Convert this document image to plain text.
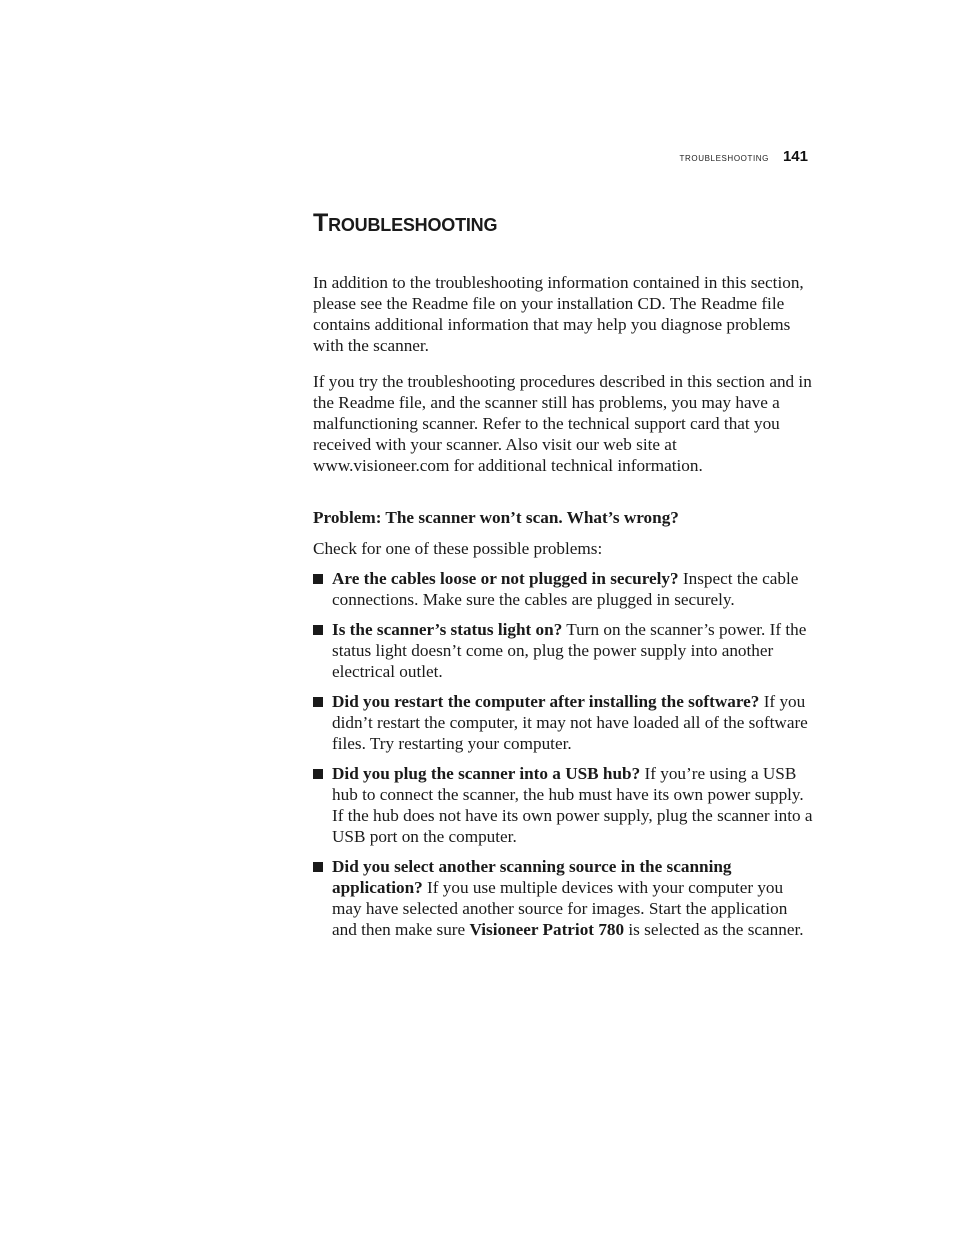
troubleshooting 141
Troubleshooting

In addition to the troubleshooting information contained in this section, please see the Readme file on your installation CD. The Readme file contains additional information that may help you diagnose problems with the scanner.

If you try the troubleshooting procedures described in this section and in the Readme file, and the scanner still has problems, you may have a malfunctioning scanner. Refer to the technical support card that you received with your scanner. Also visit our web site at www.visioneer.com for additional technical information.

Problem: The scanner won’t scan. What’s wrong?

Check for one of these possible problems:

Are the cables loose or not plugged in securely? Inspect the cable connections. Make sure the cables are plugged in securely.
Is the scanner’s status light on? Turn on the scanner’s power. If the status light doesn’t come on, plug the power supply into another electrical outlet.
Did you restart the computer after installing the software? If you didn’t restart the computer, it may not have loaded all of the software files. Try restarting your computer.
Did you plug the scanner into a USB hub? If you’re using a USB hub to connect the scanner, the hub must have its own power supply. If the hub does not have its own power supply, plug the scanner into a USB port on the computer.
Did you select another scanning source in the scanning application? If you use multiple devices with your computer you may have selected another source for images. Start the application and then make sure Visioneer Patriot 780 is selected as the scanner.
